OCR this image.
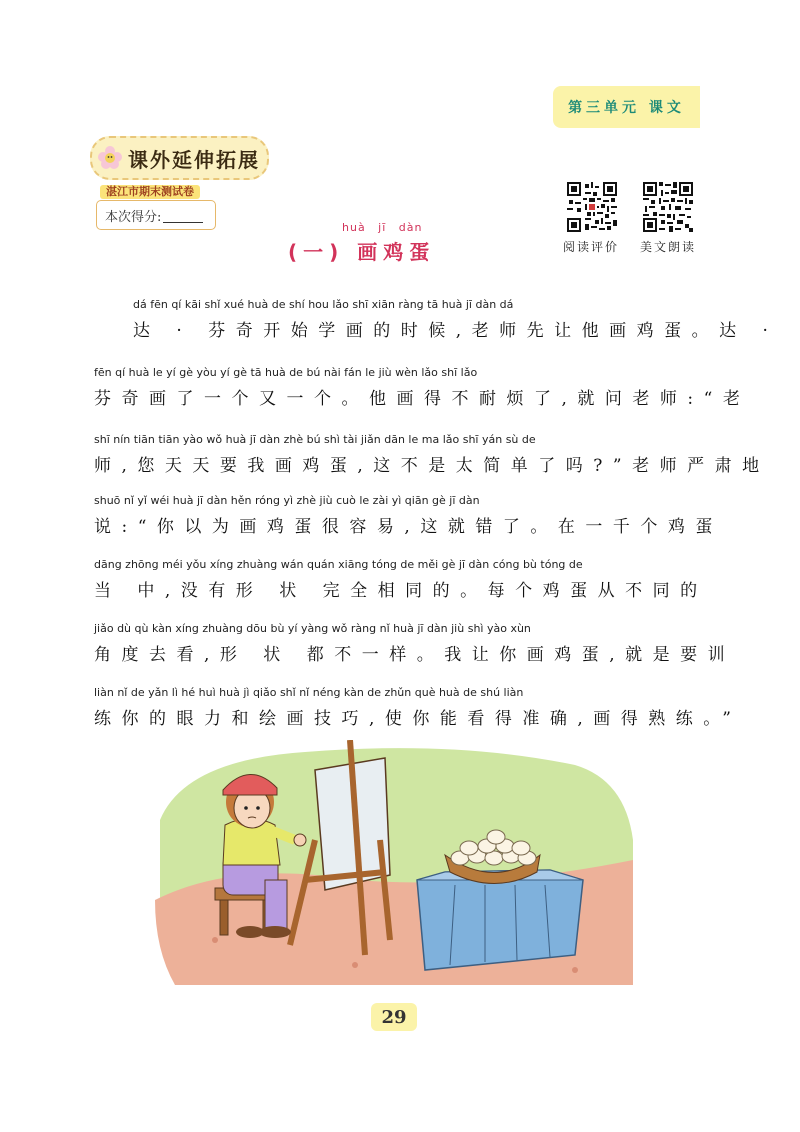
第三单元 课文
课外延伸拓展
湛江市期末测试卷
本次得分:
阅读评价 美文朗读
huà jī dàn
(一) 画鸡蛋
dá fēn qí kāi shǐ xué huà de shí hou lǎo shī xiān ràng tā huà jī dàn dá
达 · 芬奇开始学画的时候,老师先让他画鸡蛋。达 ·
fēn qí huà le yí gè yòu yí gè tā huà de bú nài fán le jiù wèn lǎo shī lǎo
芬奇画了一个又一个。他画得不耐烦了,就问老师:“老
shī nín tiān tiān yào wǒ huà jī dàn zhè bú shì tài jiǎn dān le ma lǎo shī yán sù de
师,您天天要我画鸡蛋,这不是太简单了吗?”老师严肃地
shuō nǐ yǐ wéi huà jī dàn hěn róng yì zhè jiù cuò le zài yì qiān gè jī dàn
说:“你以为画鸡蛋很容易,这就错了。在一千个鸡蛋
dāng zhōng méi yǒu xíng zhuàng wán quán xiāng tóng de měi gè jī dàn cóng bù tóng de
当 中,没有形 状 完全相同的。每个鸡蛋从不同的
jiǎo dù qù kàn xíng zhuàng dōu bù yí yàng wǒ ràng nǐ huà jī dàn jiù shì yào xùn
角度去看,形 状 都不一样。我让你画鸡蛋,就是要训
liàn nǐ de yǎn lì hé huì huà jì qiǎo shǐ nǐ néng kàn de zhǔn què huà de shú liàn
练你的眼力和绘画技巧,使你能看得准确,画得熟练。”
29
